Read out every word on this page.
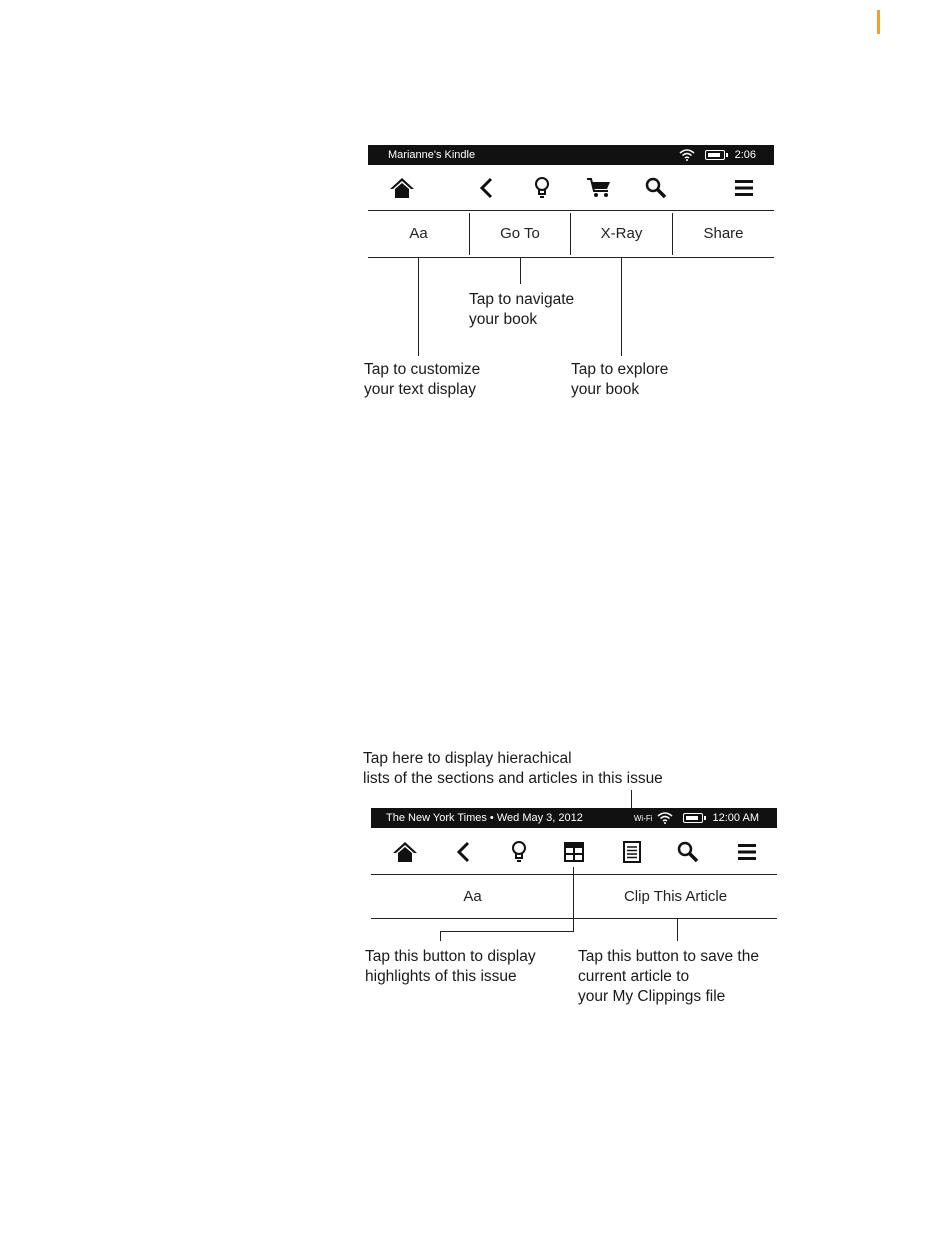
Marianne's Kindle	2:06
Aa	Go To	X-Ray	Share
Tap to navigate
your book
Tap to customize
your text display
Tap to explore
your book
Tap here to display hierachical
lists of the sections and articles in this issue
The New York Times • Wed May 3, 2012	Wi-Fi	12:00 AM
Aa	Clip This Article
Tap this button to display
highlights of this issue
Tap this button to save the
current article to
your My Clippings file
